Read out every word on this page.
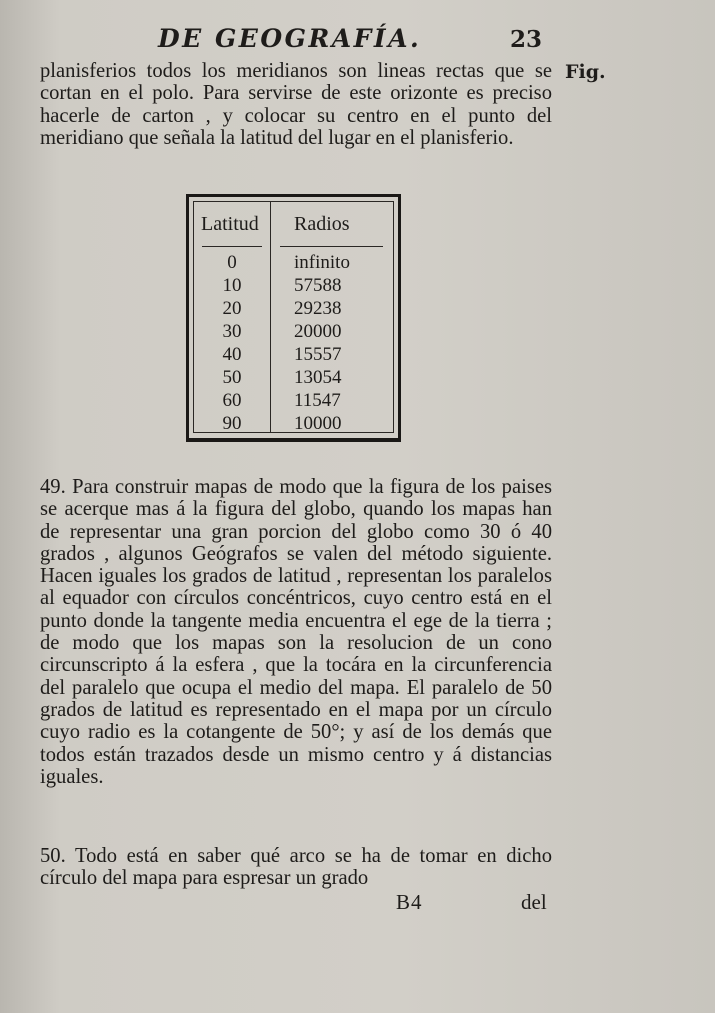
DE GEOGRAFÍA.	23
Fig.
planisferios todos los meridianos son lineas rectas que se cortan en el polo. Para servirse de este orizonte es preciso hacerle de carton , y colocar su centro en el punto del meridiano que señala la latitud del lugar en el planisferio.
Latitud Radios
0	infinito
10	57588
20	29238
30	20000
40	15557
50	13054
60	11547
90	10000
49. Para construir mapas de modo que la figura de los paises se acerque mas á la figura del globo, quando los mapas han de representar una gran porcion del globo como 30 ó 40 grados , algunos Geógrafos se valen del método siguiente. Hacen iguales los grados de latitud , representan los paralelos al equador con círculos concéntricos, cuyo centro está en el punto donde la tangente media encuentra el ege de la tierra ; de modo que los mapas son la resolucion de un cono circunscripto á la esfera , que la tocára en la circunferencia del paralelo que ocupa el medio del mapa. El paralelo de 50 grados de latitud es representado en el mapa por un círculo cuyo radio es la cotangente de 50°; y así de los demás que todos están trazados desde un mismo centro y á distancias iguales.
50. Todo está en saber qué arco se ha de tomar en dicho círculo del mapa para espresar un grado
B4	del
